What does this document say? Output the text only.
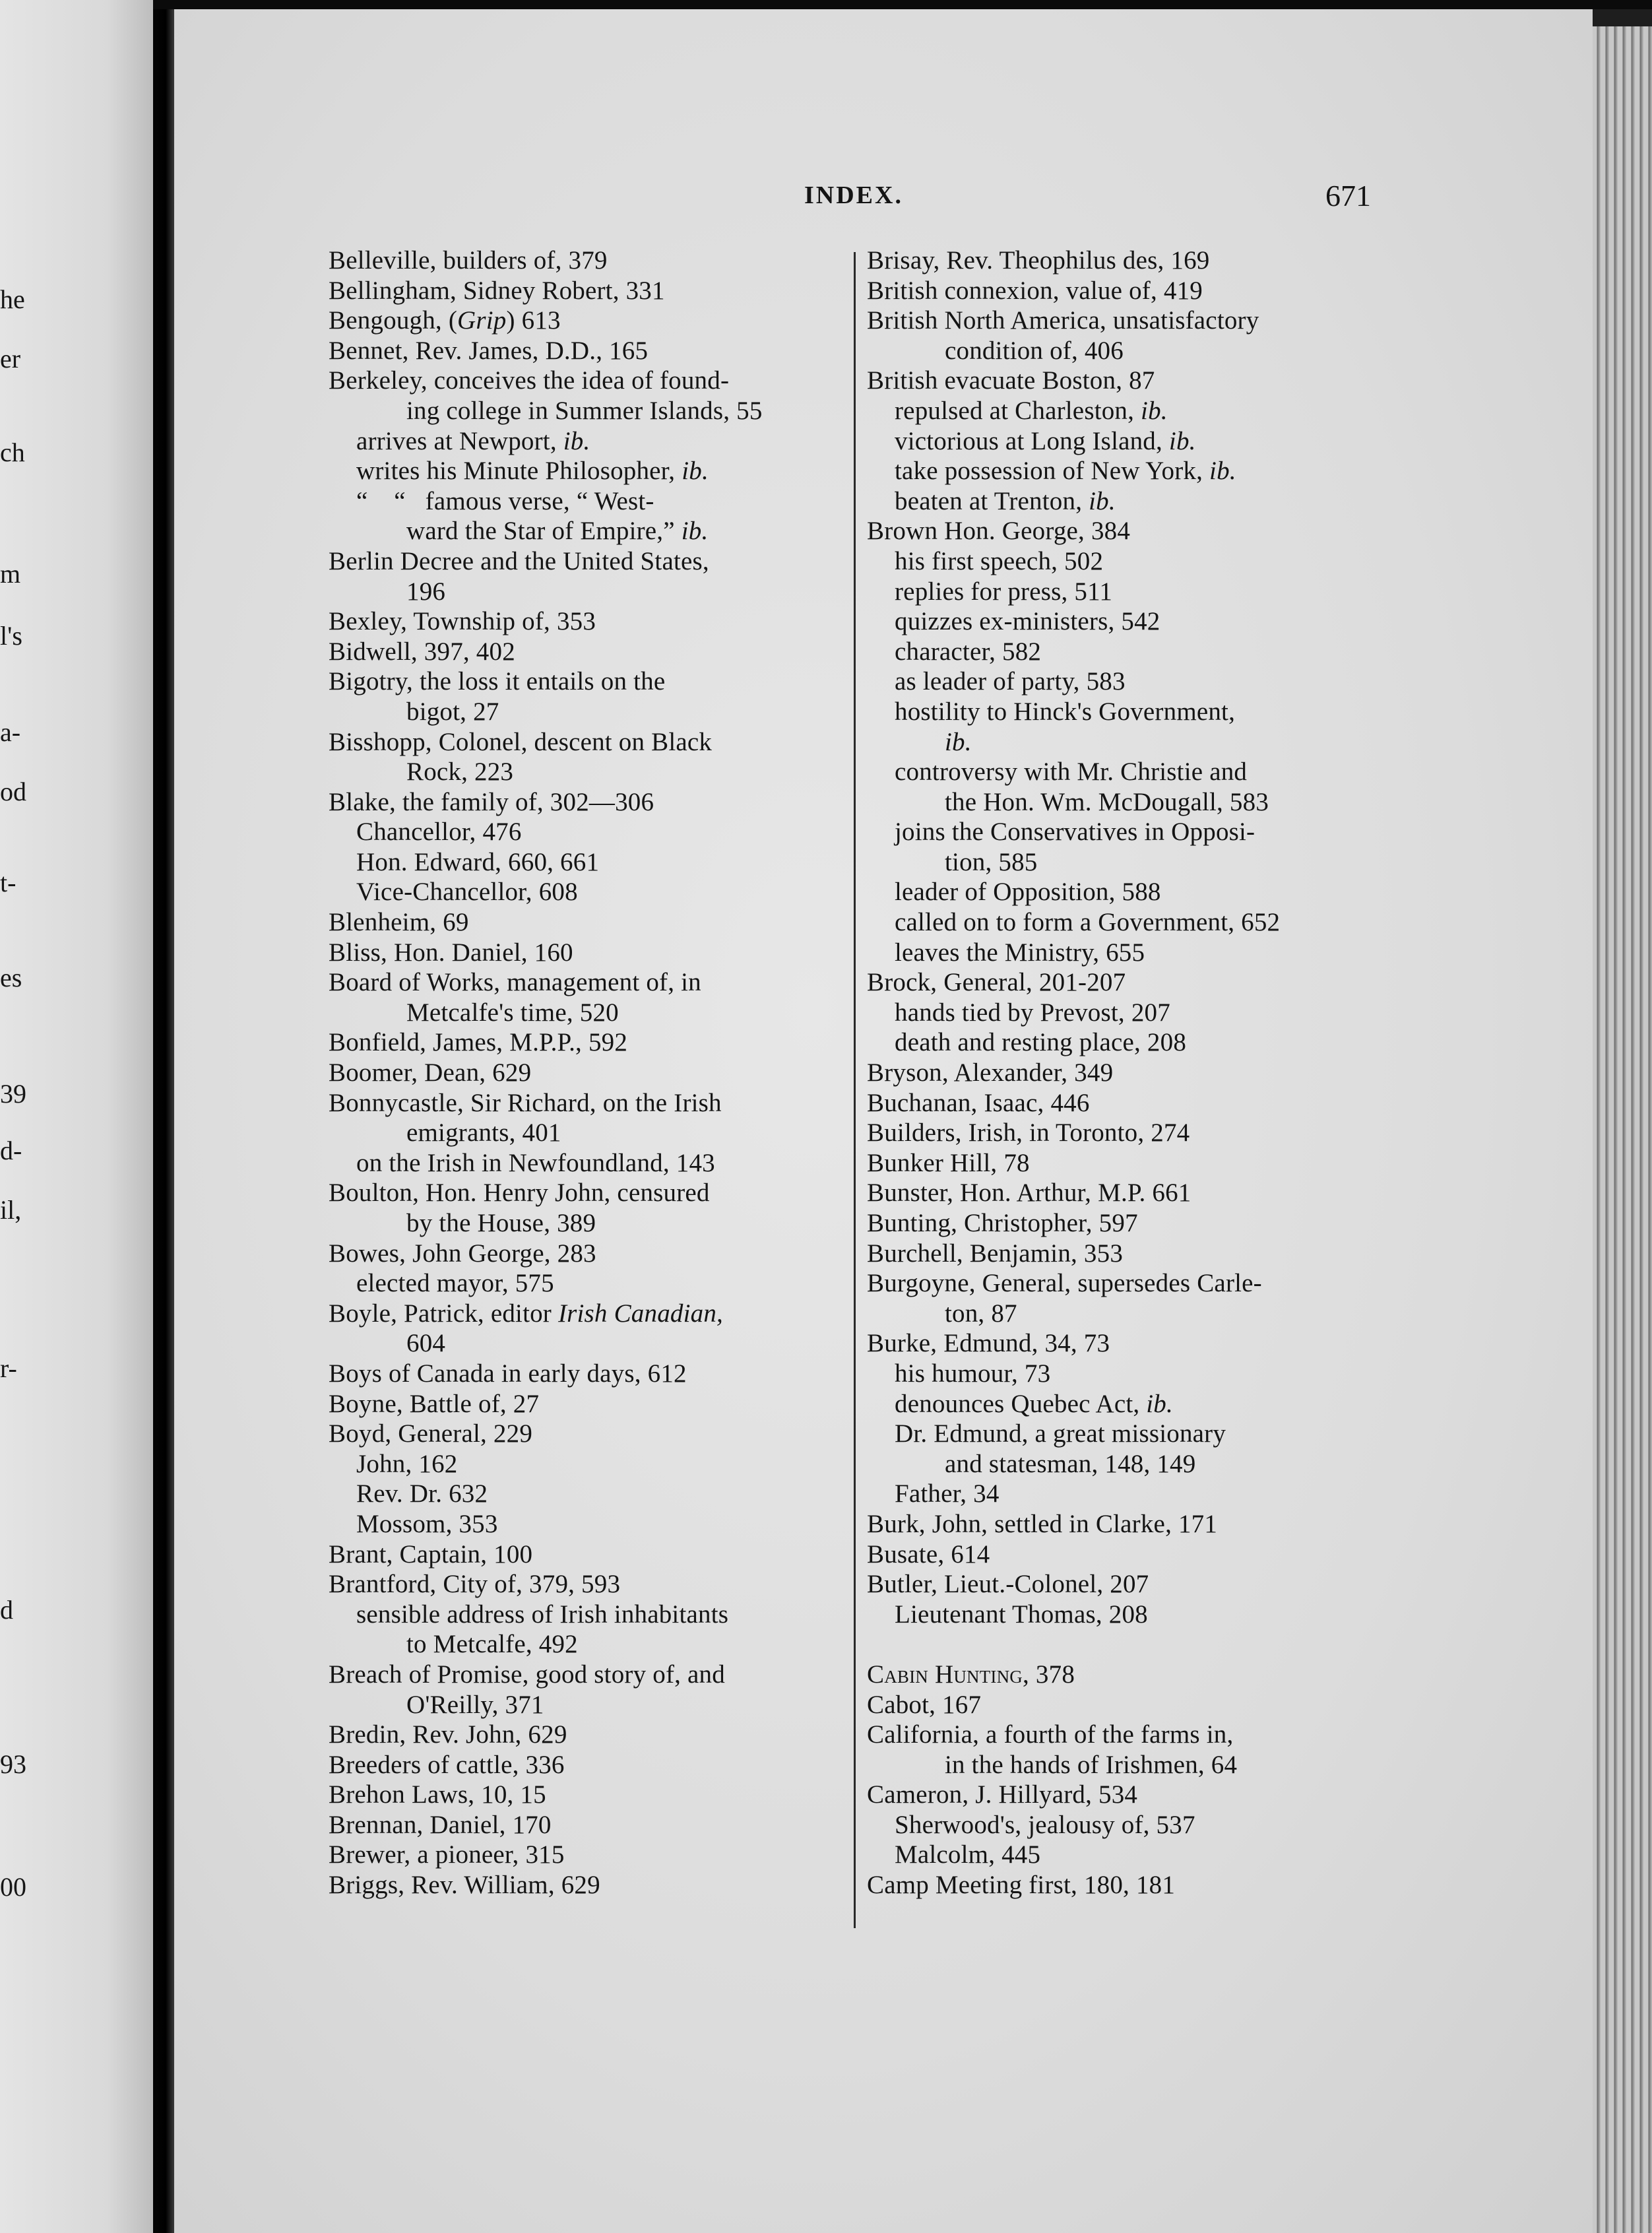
he
er
ch
m
l's
a-
od
t-
es
39
d-
il,
r-
d
93
00
INDEX.	671
Belleville, builders of, 379
Bellingham, Sidney Robert, 331
Bengough, (Grip) 613
Bennet, Rev. James, D.D., 165
Berkeley, conceives the idea of found-
ing college in Summer Islands, 55
arrives at Newport, ib.
writes his Minute Philosopher, ib.
“    “   famous verse, “ West-
ward the Star of Empire,” ib.
Berlin Decree and the United States,
196
Bexley, Township of, 353
Bidwell, 397, 402
Bigotry, the loss it entails on the
bigot, 27
Bisshopp, Colonel, descent on Black
Rock, 223
Blake, the family of, 302—306
Chancellor, 476
Hon. Edward, 660, 661
Vice-Chancellor, 608
Blenheim, 69
Bliss, Hon. Daniel, 160
Board of Works, management of, in
Metcalfe's time, 520
Bonfield, James, M.P.P., 592
Boomer, Dean, 629
Bonnycastle, Sir Richard, on the Irish
emigrants, 401
on the Irish in Newfoundland, 143
Boulton, Hon. Henry John, censured
by the House, 389
Bowes, John George, 283
elected mayor, 575
Boyle, Patrick, editor Irish Canadian,
604
Boys of Canada in early days, 612
Boyne, Battle of, 27
Boyd, General, 229
John, 162
Rev. Dr. 632
Mossom, 353
Brant, Captain, 100
Brantford, City of, 379, 593
sensible address of Irish inhabitants
to Metcalfe, 492
Breach of Promise, good story of, and
O'Reilly, 371
Bredin, Rev. John, 629
Breeders of cattle, 336
Brehon Laws, 10, 15
Brennan, Daniel, 170
Brewer, a pioneer, 315
Briggs, Rev. William, 629
Brisay, Rev. Theophilus des, 169
British connexion, value of, 419
British North America, unsatisfactory
condition of, 406
British evacuate Boston, 87
repulsed at Charleston, ib.
victorious at Long Island, ib.
take possession of New York, ib.
beaten at Trenton, ib.
Brown Hon. George, 384
his first speech, 502
replies for press, 511
quizzes ex-ministers, 542
character, 582
as leader of party, 583
hostility to Hinck's Government,
ib.
controversy with Mr. Christie and
the Hon. Wm. McDougall, 583
joins the Conservatives in Opposi-
tion, 585
leader of Opposition, 588
called on to form a Government, 652
leaves the Ministry, 655
Brock, General, 201-207
hands tied by Prevost, 207
death and resting place, 208
Bryson, Alexander, 349
Buchanan, Isaac, 446
Builders, Irish, in Toronto, 274
Bunker Hill, 78
Bunster, Hon. Arthur, M.P. 661
Bunting, Christopher, 597
Burchell, Benjamin, 353
Burgoyne, General, supersedes Carle-
ton, 87
Burke, Edmund, 34, 73
his humour, 73
denounces Quebec Act, ib.
Dr. Edmund, a great missionary
and statesman, 148, 149
Father, 34
Burk, John, settled in Clarke, 171
Busate, 614
Butler, Lieut.-Colonel, 207
Lieutenant Thomas, 208
Cabin Hunting, 378
Cabot, 167
California, a fourth of the farms in,
in the hands of Irishmen, 64
Cameron, J. Hillyard, 534
Sherwood's, jealousy of, 537
Malcolm, 445
Camp Meeting first, 180, 181
